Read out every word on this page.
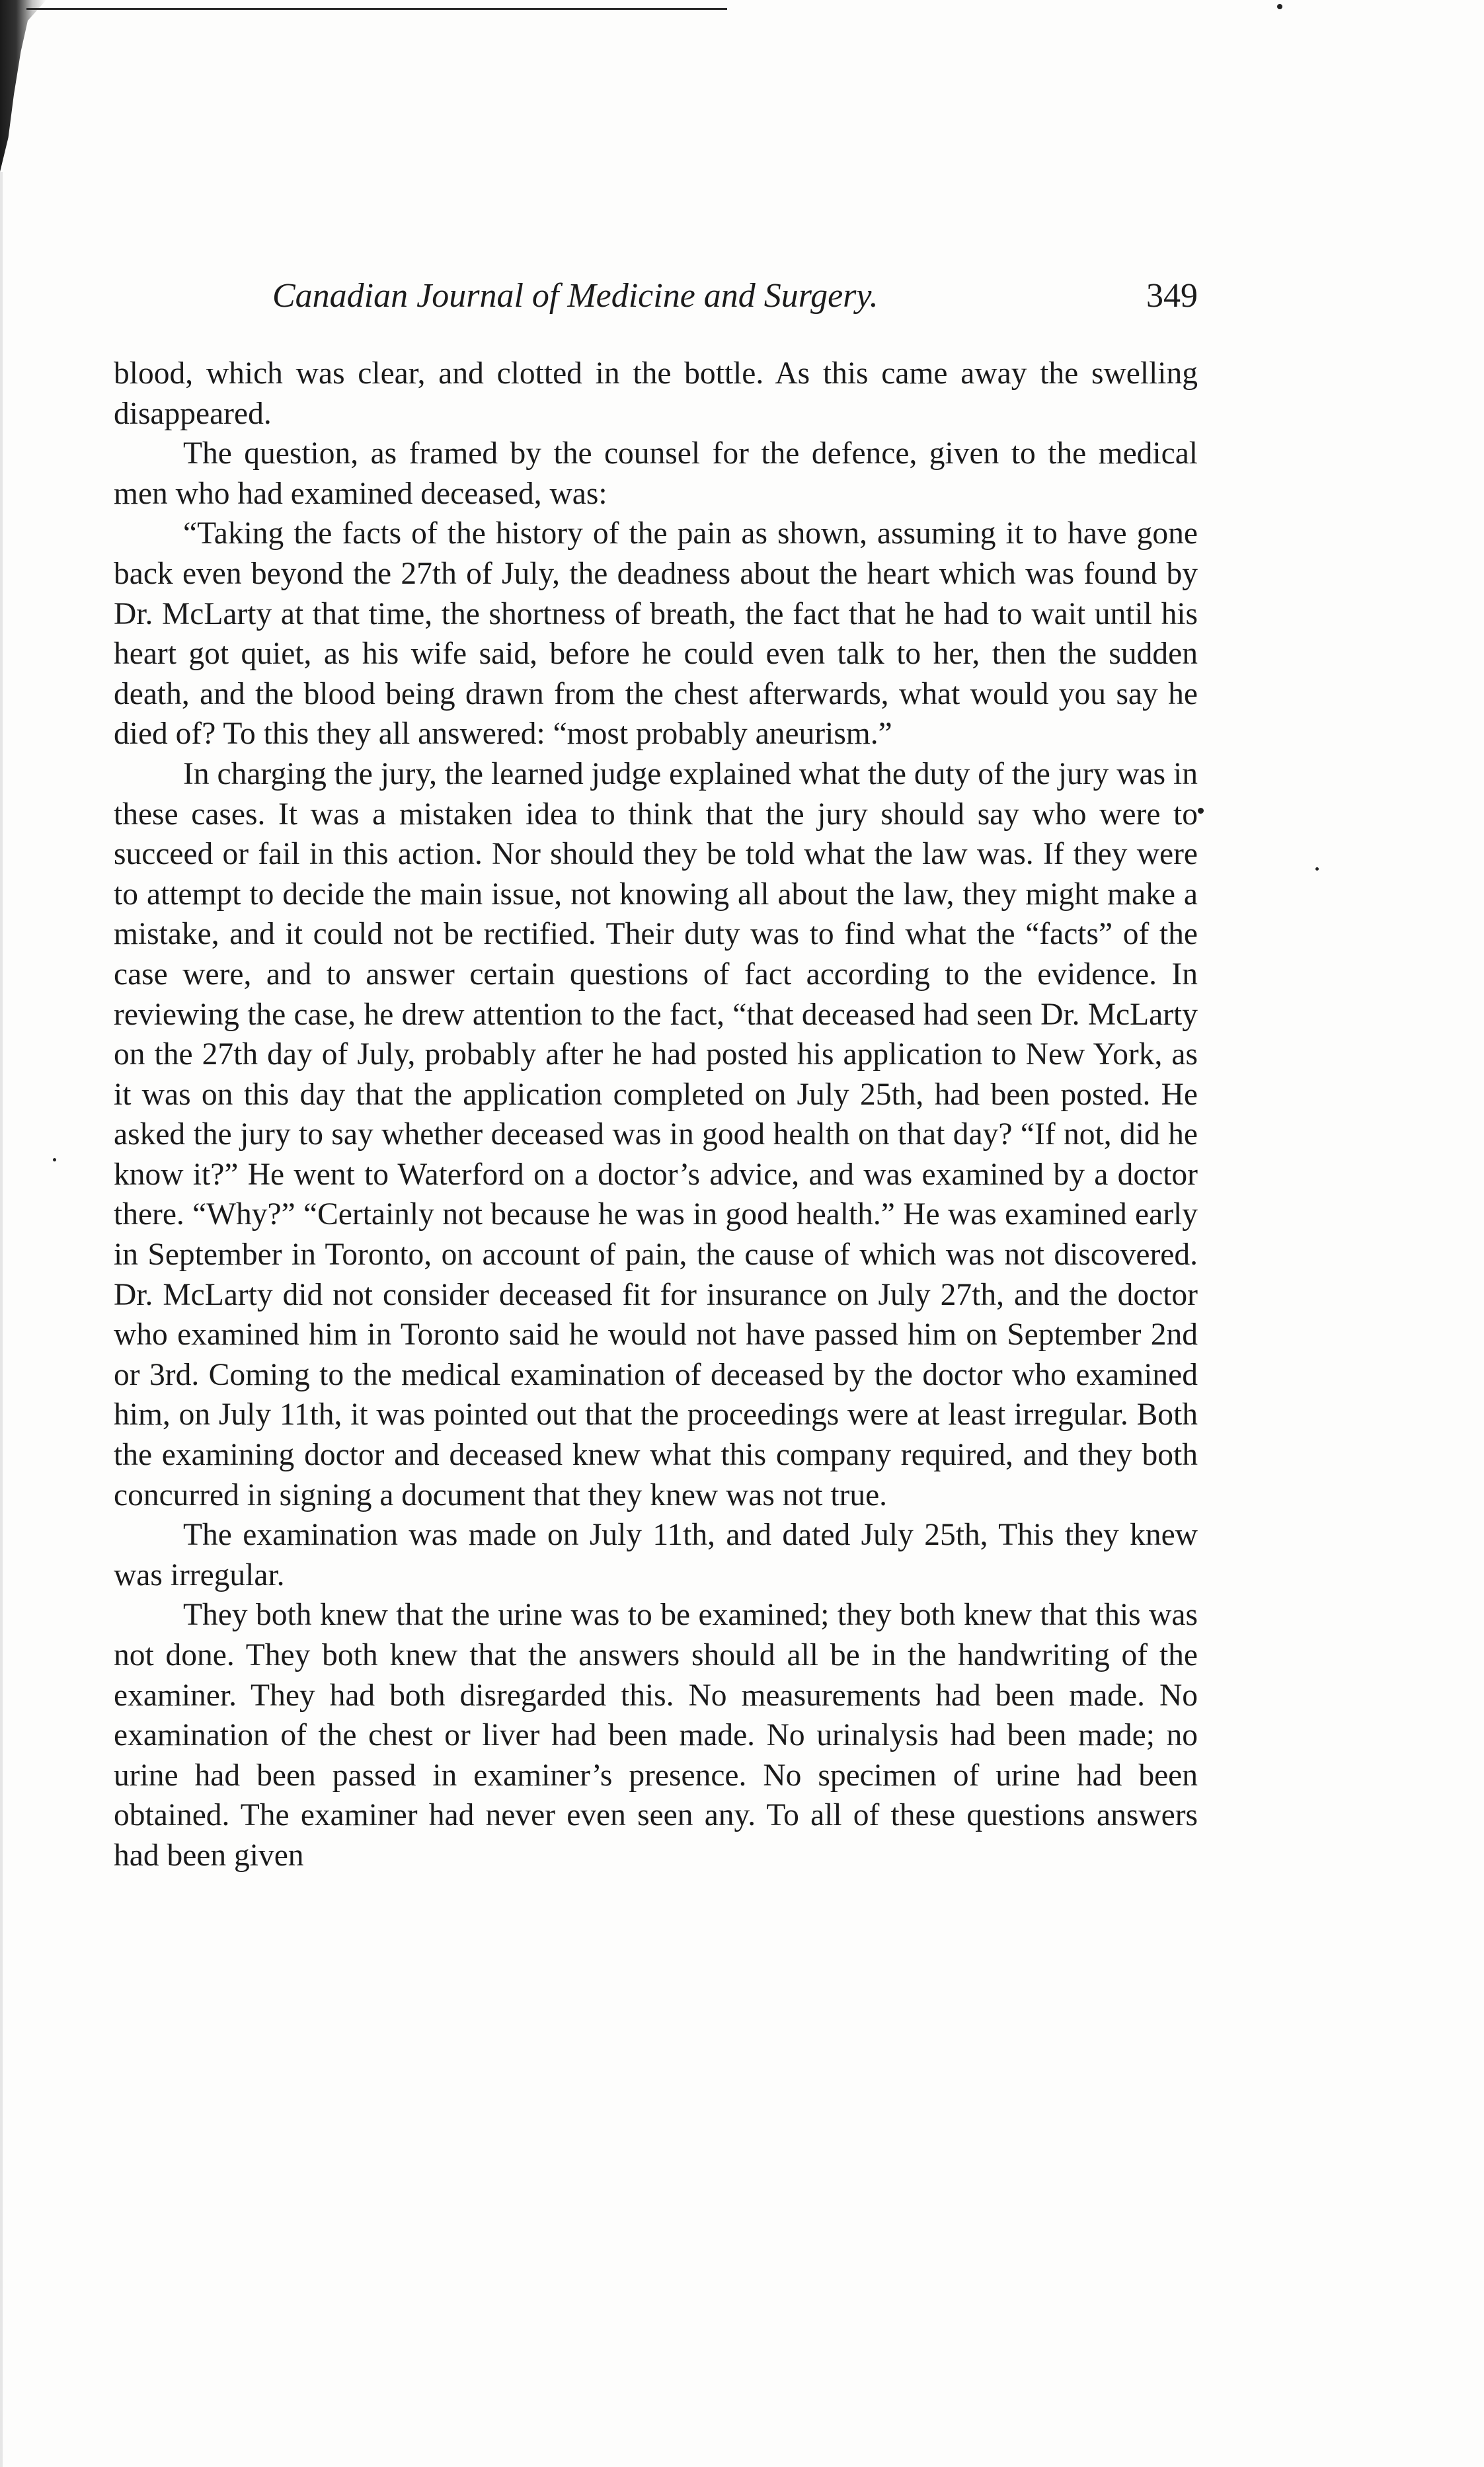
Canadian Journal of Medicine and Surgery.	349

blood, which was clear, and clotted in the bottle. As this came away the swelling disappeared.

The question, as framed by the counsel for the defence, given to the medical men who had examined deceased, was:

“Taking the facts of the history of the pain as shown, assuming it to have gone back even beyond the 27th of July, the deadness about the heart which was found by Dr. McLarty at that time, the shortness of breath, the fact that he had to wait until his heart got quiet, as his wife said, before he could even talk to her, then the sudden death, and the blood being drawn from the chest afterwards, what would you say he died of? To this they all answered: “most probably aneurism.”

In charging the jury, the learned judge explained what the duty of the jury was in these cases. It was a mistaken idea to think that the jury should say who were to succeed or fail in this action. Nor should they be told what the law was. If they were to attempt to decide the main issue, not knowing all about the law, they might make a mistake, and it could not be rectified. Their duty was to find what the “facts” of the case were, and to answer certain questions of fact according to the evidence. In reviewing the case, he drew attention to the fact, “that deceased had seen Dr. McLarty on the 27th day of July, probably after he had posted his application to New York, as it was on this day that the application completed on July 25th, had been posted. He asked the jury to say whether deceased was in good health on that day? “If not, did he know it?” He went to Waterford on a doctor’s advice, and was examined by a doctor there. “Why?” “Certainly not because he was in good health.” He was examined early in September in Toronto, on account of pain, the cause of which was not discovered. Dr. McLarty did not consider deceased fit for insurance on July 27th, and the doctor who examined him in Toronto said he would not have passed him on September 2nd or 3rd. Coming to the medical examination of deceased by the doctor who examined him, on July 11th, it was pointed out that the proceedings were at least irregular. Both the examining doctor and deceased knew what this company required, and they both concurred in signing a document that they knew was not true.

The examination was made on July 11th, and dated July 25th, This they knew was irregular.

They both knew that the urine was to be examined; they both knew that this was not done. They both knew that the answers should all be in the handwriting of the examiner. They had both disregarded this. No measurements had been made. No examination of the chest or liver had been made. No urinalysis had been made; no urine had been passed in examiner’s presence. No specimen of urine had been obtained. The examiner had never even seen any. To all of these questions answers had been given
